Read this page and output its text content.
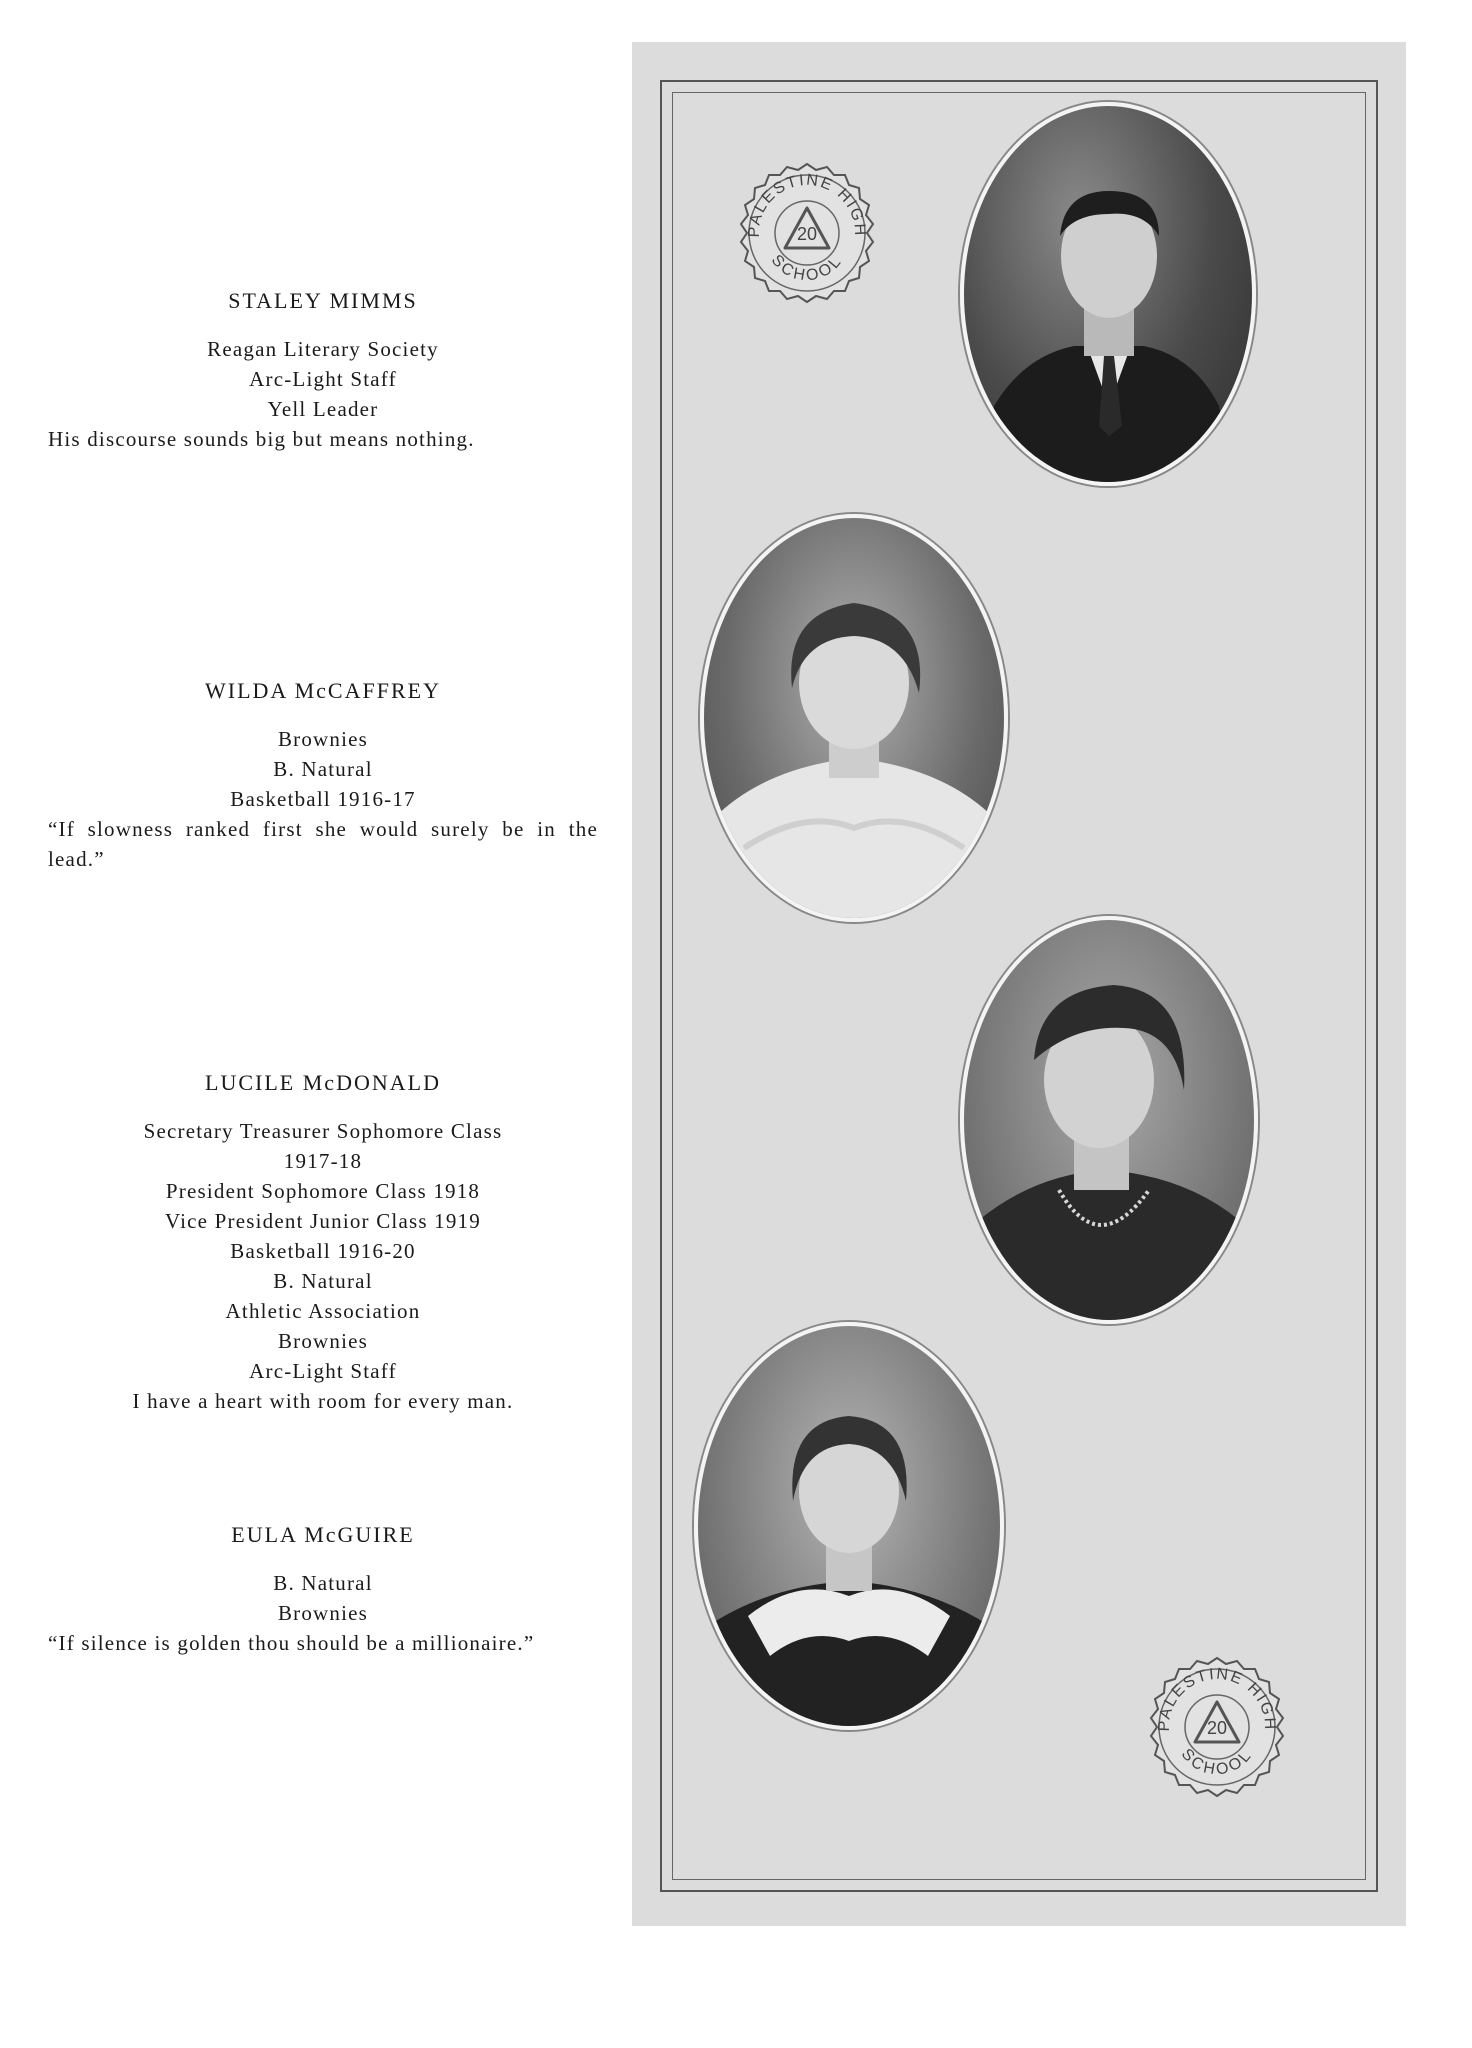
STALEY MIMMS
Reagan Literary Society
Arc-Light Staff
Yell Leader
His discourse sounds big but means nothing.
WILDA McCAFFREY
Brownies
B. Natural
Basketball 1916-17
“If slowness ranked first she would surely be in the lead.”
LUCILE McDONALD
Secretary Treasurer Sophomore Class
1917-18
President Sophomore Class 1918
Vice President Junior Class 1919
Basketball 1916-20
B. Natural
Athletic Association
Brownies
Arc-Light Staff
I have a heart with room for every man.
EULA McGUIRE
B. Natural
Brownies
“If silence is golden thou should be a millionaire.”
PALESTINE HIGH
SCHOOL
20
PALESTINE HIGH
SCHOOL
20
